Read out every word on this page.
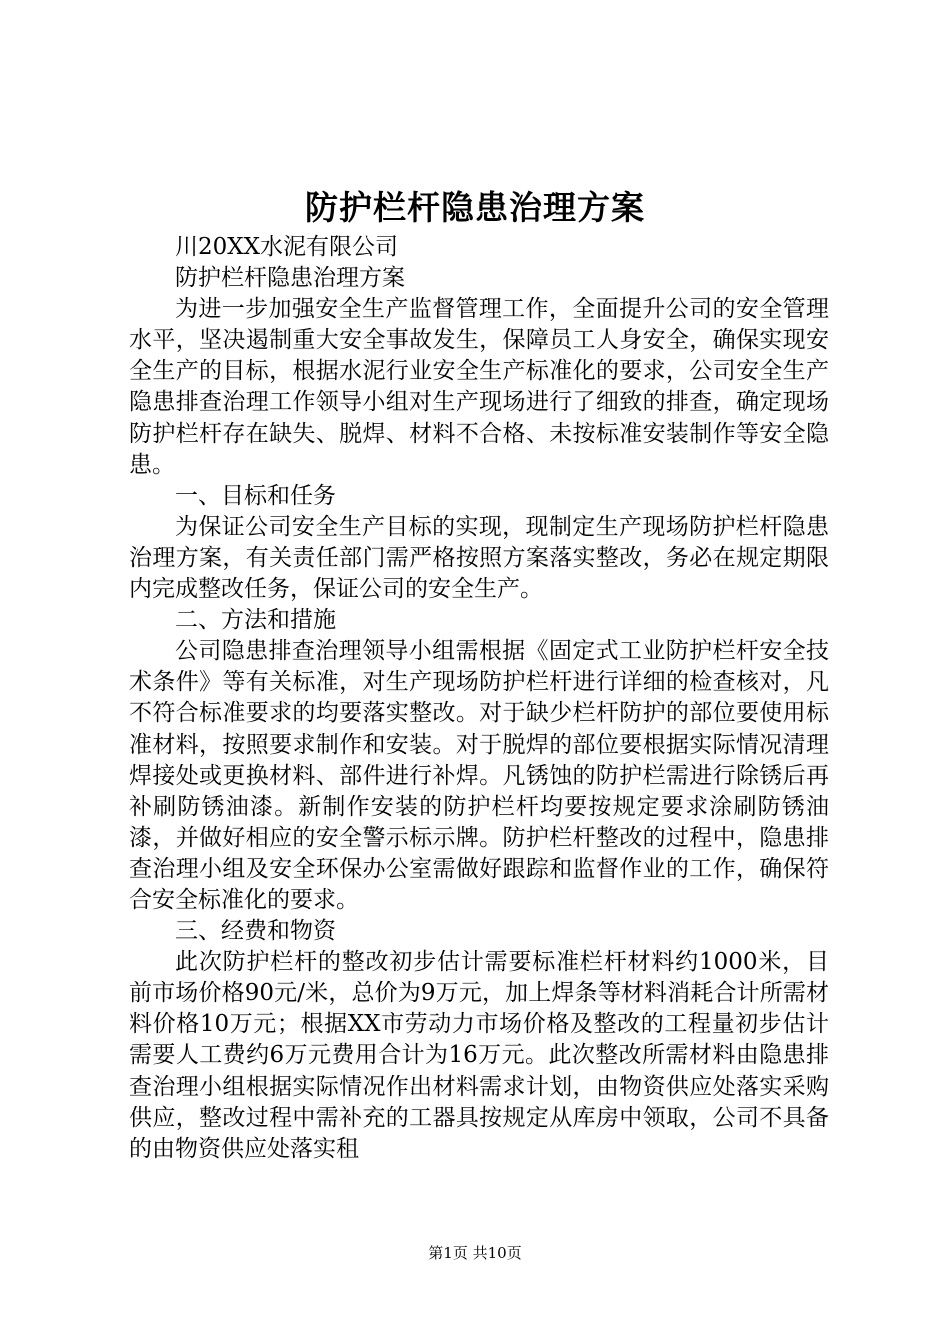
防护栏杆隐患治理方案

川20XX水泥有限公司

防护栏杆隐患治理方案

为进一步加强安全生产监督管理工作，全面提升公司的安全管理水平，坚决遏制重大安全事故发生，保障员工人身安全，确保实现安全生产的目标，根据水泥行业安全生产标准化的要求，公司安全生产隐患排查治理工作领导小组对生产现场进行了细致的排查，确定现场防护栏杆存在缺失、脱焊、材料不合格、未按标准安装制作等安全隐患。

一、目标和任务

为保证公司安全生产目标的实现，现制定生产现场防护栏杆隐患治理方案，有关责任部门需严格按照方案落实整改，务必在规定期限内完成整改任务，保证公司的安全生产。

二、方法和措施

公司隐患排查治理领导小组需根据《固定式工业防护栏杆安全技术条件》等有关标准，对生产现场防护栏杆进行详细的检查核对，凡不符合标准要求的均要落实整改。对于缺少栏杆防护的部位要使用标准材料，按照要求制作和安装。对于脱焊的部位要根据实际情况清理焊接处或更换材料、部件进行补焊。凡锈蚀的防护栏需进行除锈后再补刷防锈油漆。新制作安装的防护栏杆均要按规定要求涂刷防锈油漆，并做好相应的安全警示标示牌。防护栏杆整改的过程中，隐患排查治理小组及安全环保办公室需做好跟踪和监督作业的工作，确保符合安全标准化的要求。

三、经费和物资

此次防护栏杆的整改初步估计需要标准栏杆材料约1000米，目前市场价格90元/米，总价为9万元，加上焊条等材料消耗合计所需材料价格10万元；根据XX市劳动力市场价格及整改的工程量初步估计需要人工费约6万元费用合计为16万元。此次整改所需材料由隐患排查治理小组根据实际情况作出材料需求计划，由物资供应处落实采购供应，整改过程中需补充的工器具按规定从库房中领取，公司不具备的由物资供应处落实租

第1页 共10页
